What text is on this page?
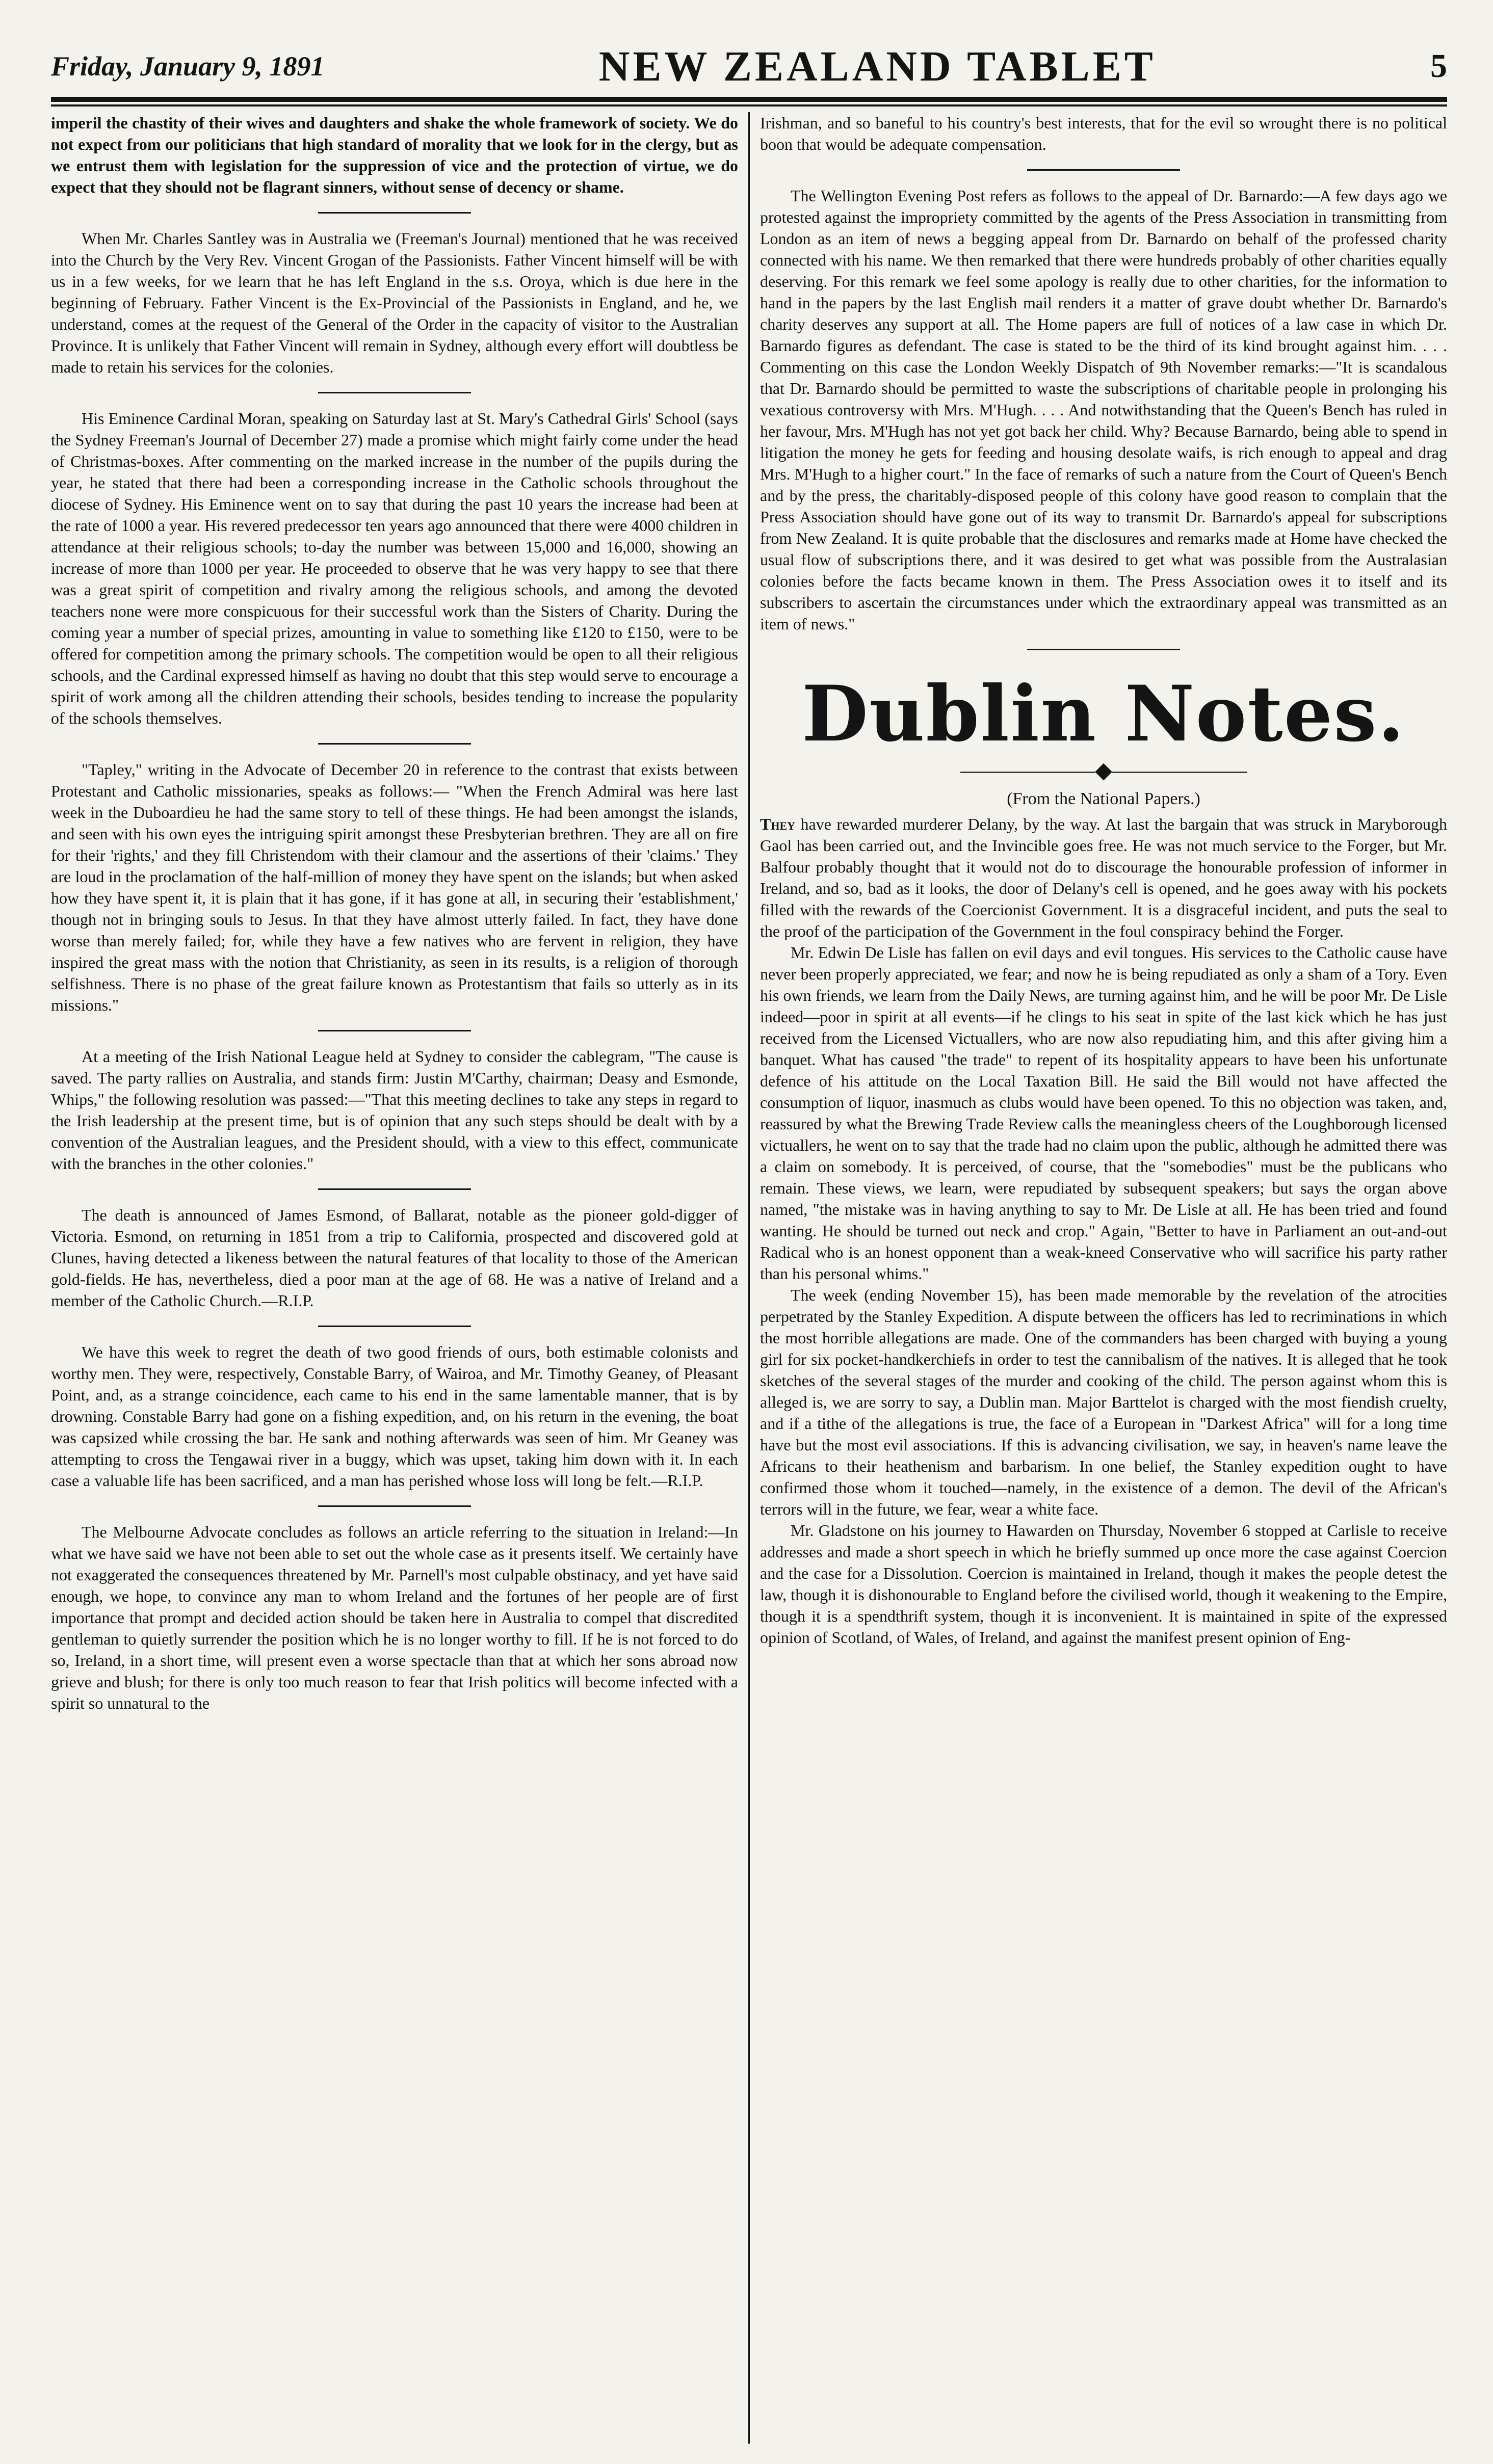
Friday, January 9, 1891	NEW ZEALAND TABLET	5

imperil the chastity of their wives and daughters and shake the whole framework of society. We do not expect from our politicians that high standard of morality that we look for in the clergy, but as we entrust them with legislation for the suppression of vice and the protection of virtue, we do expect that they should not be flagrant sinners, without sense of decency or shame.

When Mr. Charles Santley was in Australia we (Freeman's Journal) mentioned that he was received into the Church by the Very Rev. Vincent Grogan of the Passionists. Father Vincent himself will be with us in a few weeks, for we learn that he has left England in the s.s. Oroya, which is due here in the beginning of February. Father Vincent is the Ex-Provincial of the Passionists in England, and he, we understand, comes at the request of the General of the Order in the capacity of visitor to the Australian Province. It is unlikely that Father Vincent will remain in Sydney, although every effort will doubtless be made to retain his services for the colonies.

His Eminence Cardinal Moran, speaking on Saturday last at St. Mary's Cathedral Girls' School (says the Sydney Freeman's Journal of December 27) made a promise which might fairly come under the head of Christmas-boxes. After commenting on the marked increase in the number of the pupils during the year, he stated that there had been a corresponding increase in the Catholic schools throughout the diocese of Sydney. His Eminence went on to say that during the past 10 years the increase had been at the rate of 1000 a year. His revered predecessor ten years ago announced that there were 4000 children in attendance at their religious schools; to-day the number was between 15,000 and 16,000, showing an increase of more than 1000 per year. He proceeded to observe that he was very happy to see that there was a great spirit of competition and rivalry among the religious schools, and among the devoted teachers none were more conspicuous for their successful work than the Sisters of Charity. During the coming year a number of special prizes, amounting in value to something like £120 to £150, were to be offered for competition among the primary schools. The competition would be open to all their religious schools, and the Cardinal expressed himself as having no doubt that this step would serve to encourage a spirit of work among all the children attending their schools, besides tending to increase the popularity of the schools themselves.

"Tapley," writing in the Advocate of December 20 in reference to the contrast that exists between Protestant and Catholic missionaries, speaks as follows:— "When the French Admiral was here last week in the Duboardieu he had the same story to tell of these things. He had been amongst the islands, and seen with his own eyes the intriguing spirit amongst these Presbyterian brethren. They are all on fire for their 'rights,' and they fill Christendom with their clamour and the assertions of their 'claims.' They are loud in the proclamation of the half-million of money they have spent on the islands; but when asked how they have spent it, it is plain that it has gone, if it has gone at all, in securing their 'establishment,' though not in bringing souls to Jesus. In that they have almost utterly failed. In fact, they have done worse than merely failed; for, while they have a few natives who are fervent in religion, they have inspired the great mass with the notion that Christianity, as seen in its results, is a religion of thorough selfishness. There is no phase of the great failure known as Protestantism that fails so utterly as in its missions."

At a meeting of the Irish National League held at Sydney to consider the cablegram, "The cause is saved. The party rallies on Australia, and stands firm: Justin M'Carthy, chairman; Deasy and Esmonde, Whips," the following resolution was passed:—"That this meeting declines to take any steps in regard to the Irish leadership at the present time, but is of opinion that any such steps should be dealt with by a convention of the Australian leagues, and the President should, with a view to this effect, communicate with the branches in the other colonies."

The death is announced of James Esmond, of Ballarat, notable as the pioneer gold-digger of Victoria. Esmond, on returning in 1851 from a trip to California, prospected and discovered gold at Clunes, having detected a likeness between the natural features of that locality to those of the American gold-fields. He has, nevertheless, died a poor man at the age of 68. He was a native of Ireland and a member of the Catholic Church.—R.I.P.

We have this week to regret the death of two good friends of ours, both estimable colonists and worthy men. They were, respectively, Constable Barry, of Wairoa, and Mr. Timothy Geaney, of Pleasant Point, and, as a strange coincidence, each came to his end in the same lamentable manner, that is by drowning. Constable Barry had gone on a fishing expedition, and, on his return in the evening, the boat was capsized while crossing the bar. He sank and nothing afterwards was seen of him. Mr Geaney was attempting to cross the Tengawai river in a buggy, which was upset, taking him down with it. In each case a valuable life has been sacrificed, and a man has perished whose loss will long be felt.—R.I.P.

The Melbourne Advocate concludes as follows an article referring to the situation in Ireland:—In what we have said we have not been able to set out the whole case as it presents itself. We certainly have not exaggerated the consequences threatened by Mr. Parnell's most culpable obstinacy, and yet have said enough, we hope, to convince any man to whom Ireland and the fortunes of her people are of first importance that prompt and decided action should be taken here in Australia to compel that discredited gentleman to quietly surrender the position which he is no longer worthy to fill. If he is not forced to do so, Ireland, in a short time, will present even a worse spectacle than that at which her sons abroad now grieve and blush; for there is only too much reason to fear that Irish politics will become infected with a spirit so unnatural to the

Irishman, and so baneful to his country's best interests, that for the evil so wrought there is no political boon that would be adequate compensation.

The Wellington Evening Post refers as follows to the appeal of Dr. Barnardo:—A few days ago we protested against the impropriety committed by the agents of the Press Association in transmitting from London as an item of news a begging appeal from Dr. Barnardo on behalf of the professed charity connected with his name. We then remarked that there were hundreds probably of other charities equally deserving. For this remark we feel some apology is really due to other charities, for the information to hand in the papers by the last English mail renders it a matter of grave doubt whether Dr. Barnardo's charity deserves any support at all. The Home papers are full of notices of a law case in which Dr. Barnardo figures as defendant. The case is stated to be the third of its kind brought against him. . . . Commenting on this case the London Weekly Dispatch of 9th November remarks:—"It is scandalous that Dr. Barnardo should be permitted to waste the subscriptions of charitable people in prolonging his vexatious controversy with Mrs. M'Hugh. . . . And notwithstanding that the Queen's Bench has ruled in her favour, Mrs. M'Hugh has not yet got back her child. Why? Because Barnardo, being able to spend in litigation the money he gets for feeding and housing desolate waifs, is rich enough to appeal and drag Mrs. M'Hugh to a higher court." In the face of remarks of such a nature from the Court of Queen's Bench and by the press, the charitably-disposed people of this colony have good reason to complain that the Press Association should have gone out of its way to transmit Dr. Barnardo's appeal for subscriptions from New Zealand. It is quite probable that the disclosures and remarks made at Home have checked the usual flow of subscriptions there, and it was desired to get what was possible from the Australasian colonies before the facts became known in them. The Press Association owes it to itself and its subscribers to ascertain the circumstances under which the extraordinary appeal was transmitted as an item of news."

Dublin Notes.
——————◆——————
(From the National Papers.)

They have rewarded murderer Delany, by the way. At last the bargain that was struck in Maryborough Gaol has been carried out, and the Invincible goes free. He was not much service to the Forger, but Mr. Balfour probably thought that it would not do to discourage the honourable profession of informer in Ireland, and so, bad as it looks, the door of Delany's cell is opened, and he goes away with his pockets filled with the rewards of the Coercionist Government. It is a disgraceful incident, and puts the seal to the proof of the participation of the Government in the foul conspiracy behind the Forger.

Mr. Edwin De Lisle has fallen on evil days and evil tongues. His services to the Catholic cause have never been properly appreciated, we fear; and now he is being repudiated as only a sham of a Tory. Even his own friends, we learn from the Daily News, are turning against him, and he will be poor Mr. De Lisle indeed—poor in spirit at all events—if he clings to his seat in spite of the last kick which he has just received from the Licensed Victuallers, who are now also repudiating him, and this after giving him a banquet. What has caused "the trade" to repent of its hospitality appears to have been his unfortunate defence of his attitude on the Local Taxation Bill. He said the Bill would not have affected the consumption of liquor, inasmuch as clubs would have been opened. To this no objection was taken, and, reassured by what the Brewing Trade Review calls the meaningless cheers of the Loughborough licensed victuallers, he went on to say that the trade had no claim upon the public, although he admitted there was a claim on somebody. It is perceived, of course, that the "somebodies" must be the publicans who remain. These views, we learn, were repudiated by subsequent speakers; but says the organ above named, "the mistake was in having anything to say to Mr. De Lisle at all. He has been tried and found wanting. He should be turned out neck and crop." Again, "Better to have in Parliament an out-and-out Radical who is an honest opponent than a weak-kneed Conservative who will sacrifice his party rather than his personal whims."

The week (ending November 15), has been made memorable by the revelation of the atrocities perpetrated by the Stanley Expedition. A dispute between the officers has led to recriminations in which the most horrible allegations are made. One of the commanders has been charged with buying a young girl for six pocket-handkerchiefs in order to test the cannibalism of the natives. It is alleged that he took sketches of the several stages of the murder and cooking of the child. The person against whom this is alleged is, we are sorry to say, a Dublin man. Major Barttelot is charged with the most fiendish cruelty, and if a tithe of the allegations is true, the face of a European in "Darkest Africa" will for a long time have but the most evil associations. If this is advancing civilisation, we say, in heaven's name leave the Africans to their heathenism and barbarism. In one belief, the Stanley expedition ought to have confirmed those whom it touched—namely, in the existence of a demon. The devil of the African's terrors will in the future, we fear, wear a white face.

Mr. Gladstone on his journey to Hawarden on Thursday, November 6 stopped at Carlisle to receive addresses and made a short speech in which he briefly summed up once more the case against Coercion and the case for a Dissolution. Coercion is maintained in Ireland, though it makes the people detest the law, though it is dishonourable to England before the civilised world, though it weakening to the Empire, though it is a spendthrift system, though it is inconvenient. It is maintained in spite of the expressed opinion of Scotland, of Wales, of Ireland, and against the manifest present opinion of Eng-
